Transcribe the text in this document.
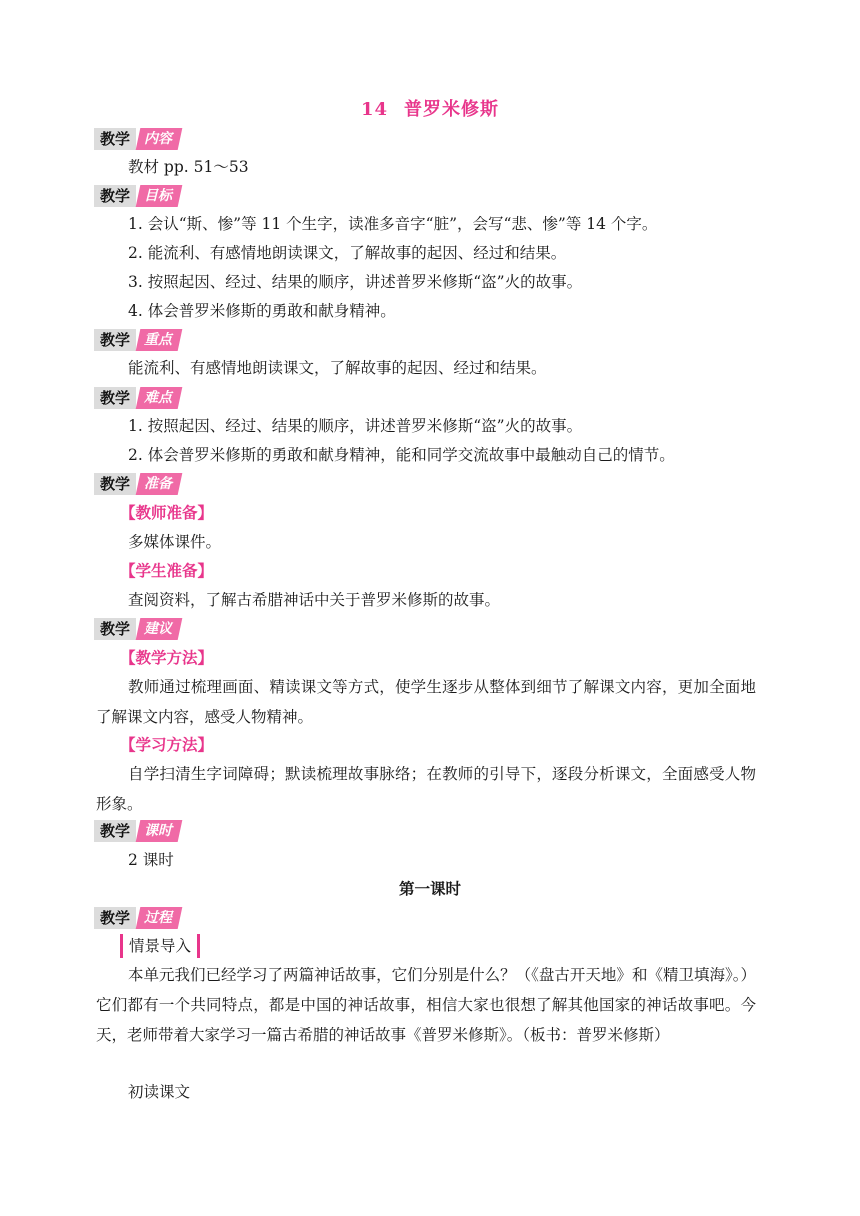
14 普罗米修斯
教学	内容
教材 pp. 51～53
教学	目标
1. 会认“斯、惨”等 11 个生字，读准多音字“脏”，会写“悲、惨”等 14 个字。
2. 能流利、有感情地朗读课文，了解故事的起因、经过和结果。
3. 按照起因、经过、结果的顺序，讲述普罗米修斯“盗”火的故事。
4. 体会普罗米修斯的勇敢和献身精神。
教学	重点
能流利、有感情地朗读课文，了解故事的起因、经过和结果。
教学	难点
1. 按照起因、经过、结果的顺序，讲述普罗米修斯“盗”火的故事。
2. 体会普罗米修斯的勇敢和献身精神，能和同学交流故事中最触动自己的情节。
教学	准备
【教师准备】
多媒体课件。
【学生准备】
查阅资料，了解古希腊神话中关于普罗米修斯的故事。
教学	建议
【教学方法】
教师通过梳理画面、精读课文等方式，使学生逐步从整体到细节了解课文内容，更加全面地了解课文内容，感受人物精神。
【学习方法】
自学扫清生字词障碍；默读梳理故事脉络；在教师的引导下，逐段分析课文，全面感受人物形象。
教学	课时
2 课时
第一课时
教学	过程
情景导入
本单元我们已经学习了两篇神话故事，它们分别是什么？（《盘古开天地》和《精卫填海》。）它们都有一个共同特点，都是中国的神话故事，相信大家也很想了解其他国家的神话故事吧。今天，老师带着大家学习一篇古希腊的神话故事《普罗米修斯》。（板书：普罗米修斯）
初读课文
